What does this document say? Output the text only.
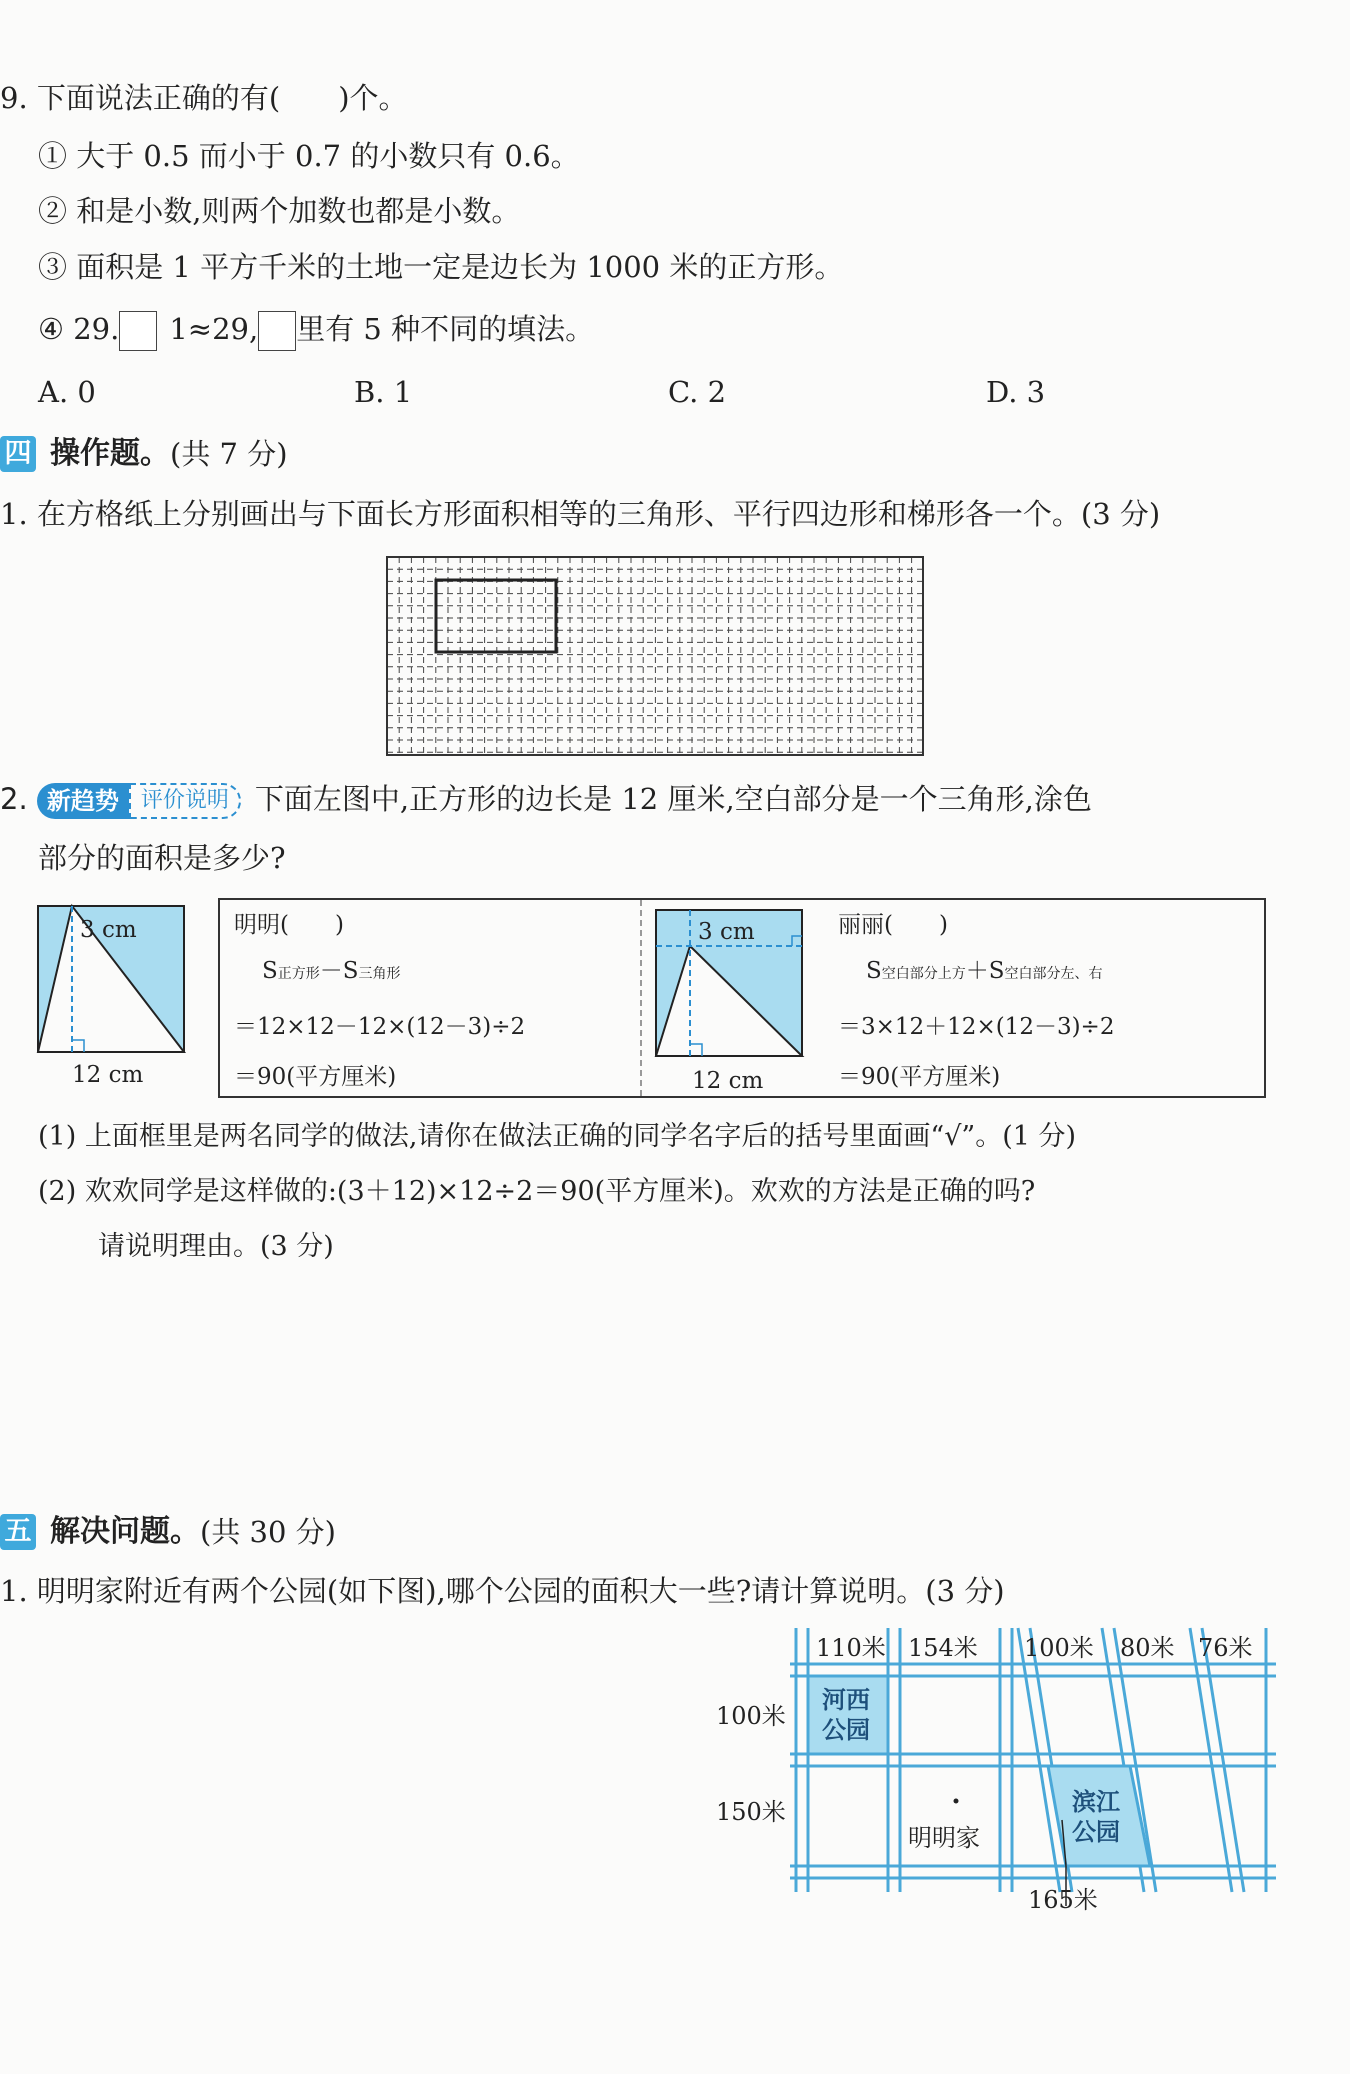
9. 下面说法正确的有(　　)个。
① 大于 0.5 而小于 0.7 的小数只有 0.6。
② 和是小数,则两个加数也都是小数。
③ 面积是 1 平方千米的土地一定是边长为 1000 米的正方形。
④ 29. 1≈29, 里有 5 种不同的填法。
A. 0	B. 1	C. 2	D. 3
四 操作题。(共 7 分)
1. 在方格纸上分别画出与下面长方形面积相等的三角形、平行四边形和梯形各一个。(3 分)
2. 新趋势 评价说明 下面左图中,正方形的边长是 12 厘米,空白部分是一个三角形,涂色
部分的面积是多少?
3 cm
12 cm
明明(　　)
S正方形－S三角形
＝12×12－12×(12－3)÷2
＝90(平方厘米)
3 cm
12 cm
丽丽(　　)
S空白部分上方＋S空白部分左、右
＝3×12＋12×(12－3)÷2
＝90(平方厘米)
(1) 上面框里是两名同学的做法,请你在做法正确的同学名字后的括号里面画“√”。(1 分)
(2) 欢欢同学是这样做的:(3＋12)×12÷2＝90(平方厘米)。欢欢的方法是正确的吗?
请说明理由。(3 分)
五 解决问题。(共 30 分)
1. 明明家附近有两个公园(如下图),哪个公园的面积大一些?请计算说明。(3 分)
110米 154米 100米 80米 76米
100米
150米
河西
公园
滨江
公园
明明家
165米
